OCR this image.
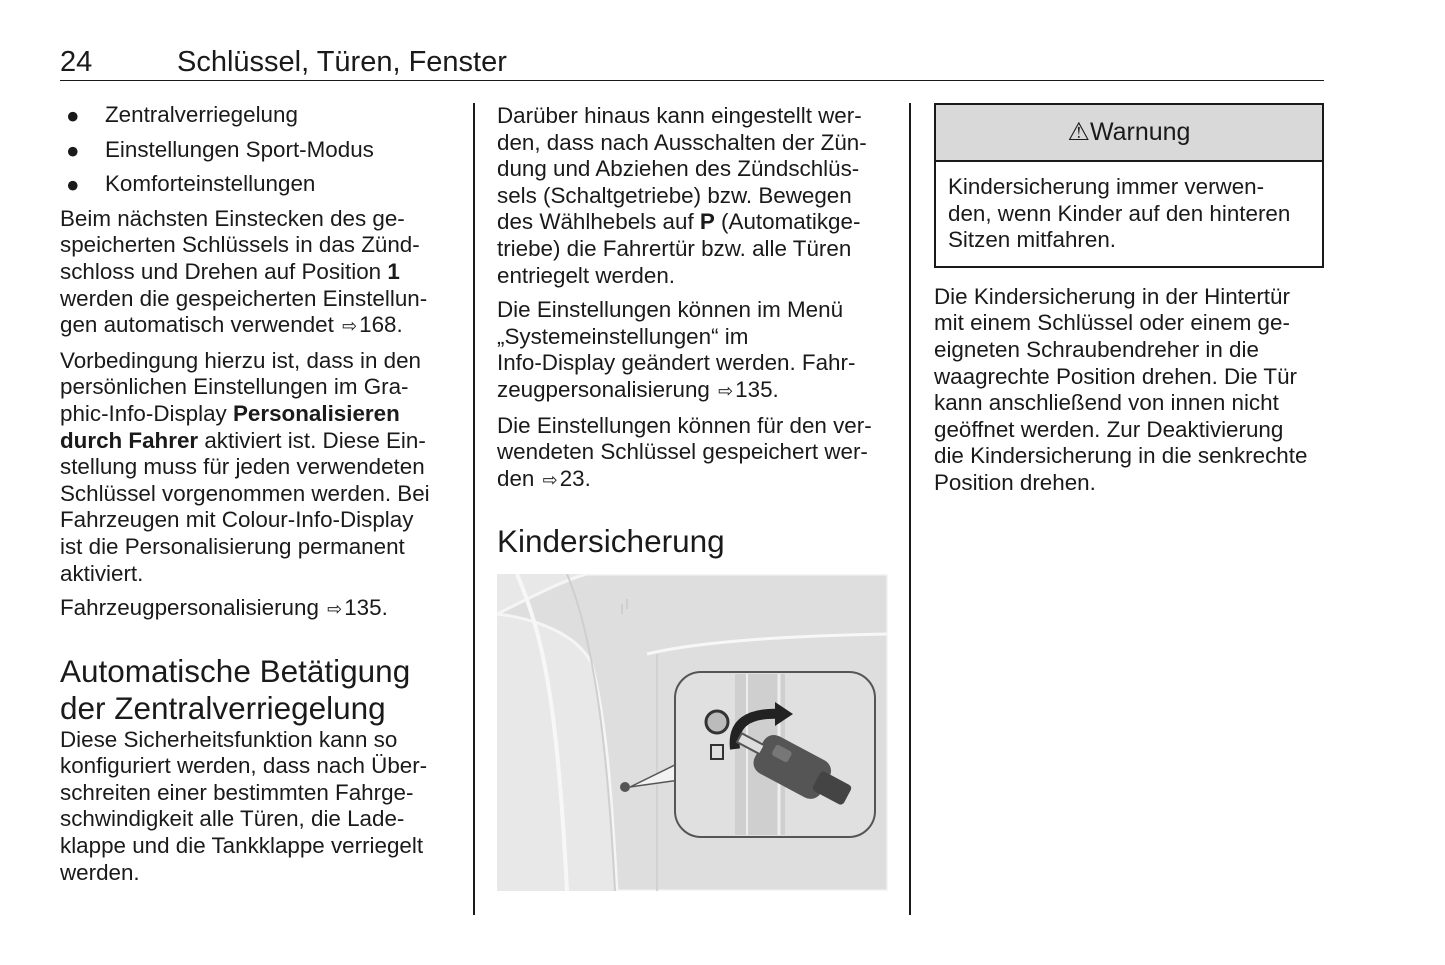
24	Schlüssel, Türen, Fenster
● Zentralverriegelung
● Einstellungen Sport-Modus
● Komforteinstellungen

Beim nächsten Einstecken des ge-
speicherten Schlüssels in das Zünd-
schloss und Drehen auf Position 1
werden die gespeicherten Einstellun-
gen automatisch verwendet ⇨168.

Vorbedingung hierzu ist, dass in den
persönlichen Einstellungen im Gra-
phic-Info-Display Personalisieren
durch Fahrer aktiviert ist. Diese Ein-
stellung muss für jeden verwendeten
Schlüssel vorgenommen werden. Bei
Fahrzeugen mit Colour-Info-Display
ist die Personalisierung permanent
aktiviert.

Fahrzeugpersonalisierung ⇨135.

Automatische Betätigung
der Zentralverriegelung

Diese Sicherheitsfunktion kann so
konfiguriert werden, dass nach Über-
schreiten einer bestimmten Fahrge-
schwindigkeit alle Türen, die Lade-
klappe und die Tankklappe verriegelt
werden.

Darüber hinaus kann eingestellt wer-
den, dass nach Ausschalten der Zün-
dung und Abziehen des Zündschlüs-
sels (Schaltgetriebe) bzw. Bewegen
des Wählhebels auf P (Automatikge-
triebe) die Fahrertür bzw. alle Türen
entriegelt werden.

Die Einstellungen können im Menü
„Systemeinstellungen“ im
Info-Display geändert werden. Fahr-
zeugpersonalisierung ⇨135.

Die Einstellungen können für den ver-
wendeten Schlüssel gespeichert wer-
den ⇨23.

Kindersicherung
⚠Warnung
Kindersicherung immer verwen-
den, wenn Kinder auf den hinteren
Sitzen mitfahren.

Die Kindersicherung in der Hintertür
mit einem Schlüssel oder einem ge-
eigneten Schraubendreher in die
waagrechte Position drehen. Die Tür
kann anschließend von innen nicht
geöffnet werden. Zur Deaktivierung
die Kindersicherung in die senkrechte
Position drehen.
